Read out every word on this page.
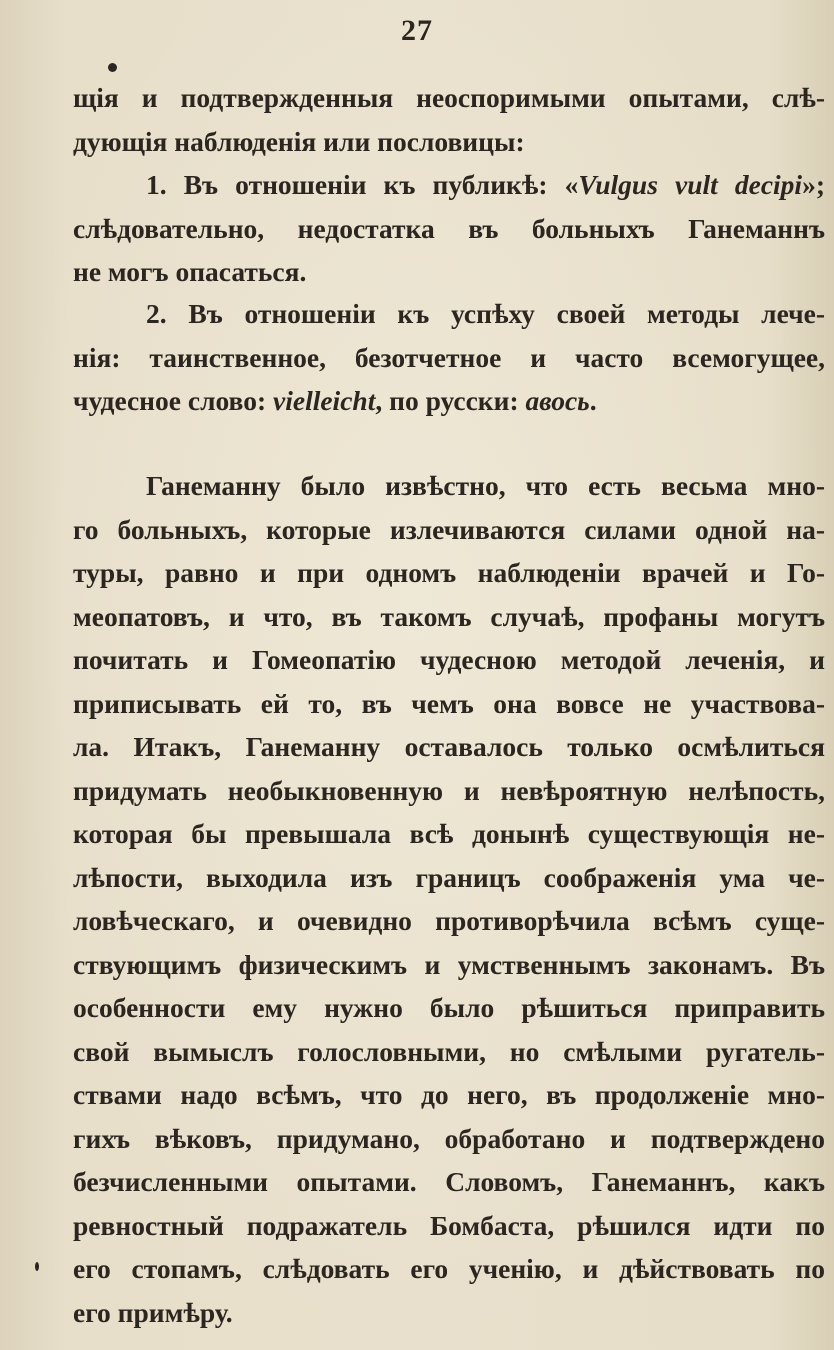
27
щія и подтвержденныя неоспоримыми опытами, слѣ-
дующія наблюденія или пословицы:
1. Въ отношеніи къ публикѣ: «Vulgus vult decipi»;
слѣдовательно, недостатка въ больныхъ Ганеманнъ
не могъ опасаться.
2. Въ отношеніи къ успѣху своей методы лече-
нія: таинственное, безотчетное и часто всемогущее,
чудесное слово: vielleicht, по русски: авось.
Ганеманну было извѣстно, что есть весьма мно-
го больныхъ, которые излечиваются силами одной на-
туры, равно и при одномъ наблюденіи врачей и Го-
меопатовъ, и что, въ такомъ случаѣ, профаны могутъ
почитать и Гомеопатію чудесною методой леченія, и
приписывать ей то, въ чемъ она вовсе не участвова-
ла. Итакъ, Ганеманну оставалось только осмѣлиться
придумать необыкновенную и невѣроятную нелѣпость,
которая бы превышала всѣ донынѣ существующія не-
лѣпости, выходила изъ границъ соображенія ума че-
ловѣческаго, и очевидно противорѣчила всѣмъ суще-
ствующимъ физическимъ и умственнымъ законамъ. Въ
особенности ему нужно было рѣшиться приправить
свой вымыслъ голословными, но смѣлыми ругатель-
ствами надо всѣмъ, что до него, въ продолженіе мно-
гихъ вѣковъ, придумано, обработано и подтверждено
безчисленными опытами. Словомъ, Ганеманнъ, какъ
ревностный подражатель Бомбаста, рѣшился идти по
его стопамъ, слѣдовать его ученію, и дѣйствовать по
его примѣру.
